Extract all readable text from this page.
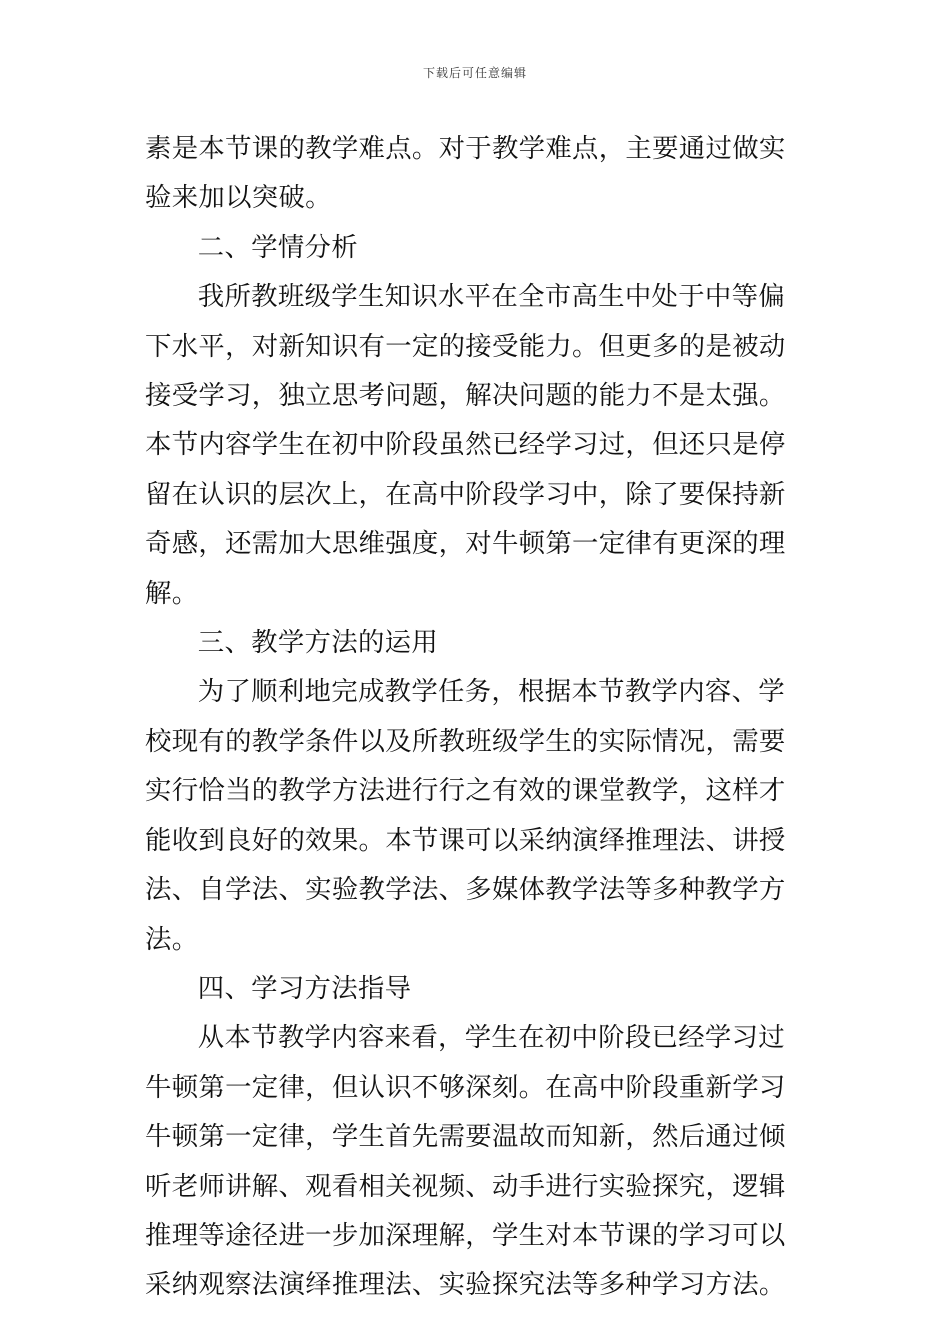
下载后可任意编辑

素是本节课的教学难点。对于教学难点，主要通过做实验来加以突破。

二、学情分析

我所教班级学生知识水平在全市高生中处于中等偏下水平，对新知识有一定的接受能力。但更多的是被动接受学习，独立思考问题，解决问题的能力不是太强。本节内容学生在初中阶段虽然已经学习过，但还只是停留在认识的层次上，在高中阶段学习中，除了要保持新奇感，还需加大思维强度，对牛顿第一定律有更深的理解。

三、教学方法的运用

为了顺利地完成教学任务，根据本节教学内容、学校现有的教学条件以及所教班级学生的实际情况，需要实行恰当的教学方法进行行之有效的课堂教学，这样才能收到良好的效果。本节课可以采纳演绎推理法、讲授法、自学法、实验教学法、多媒体教学法等多种教学方法。

四、学习方法指导

从本节教学内容来看，学生在初中阶段已经学习过牛顿第一定律，但认识不够深刻。在高中阶段重新学习牛顿第一定律，学生首先需要温故而知新，然后通过倾听老师讲解、观看相关视频、动手进行实验探究，逻辑推理等途径进一步加深理解，学生对本节课的学习可以采纳观察法演绎推理法、实验探究法等多种学习方法。
